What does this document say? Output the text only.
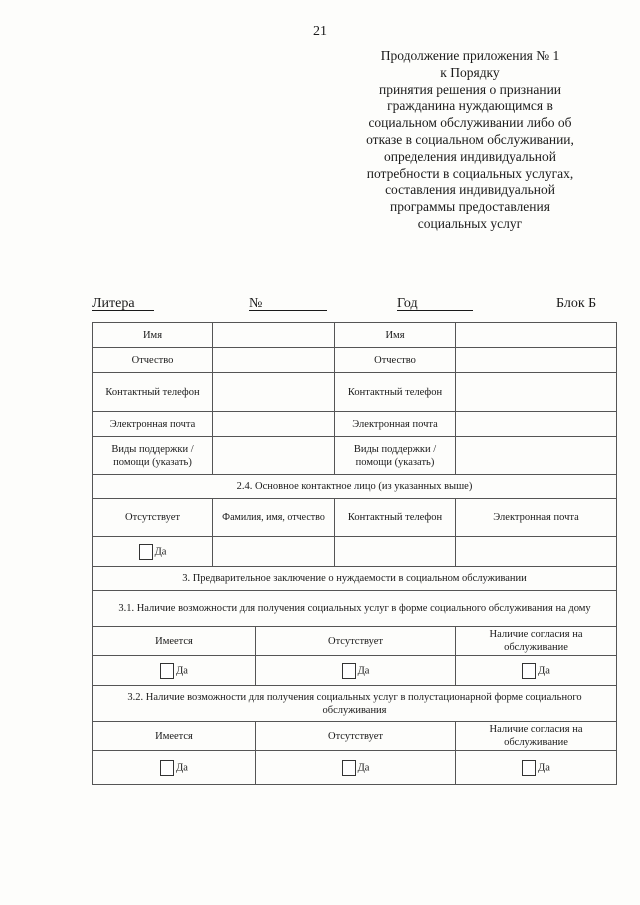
21
Продолжение приложения № 1
к Порядку
принятия решения о признании
гражданина нуждающимся в
социальном обслуживании либо об
отказе в социальном обслуживании,
определения индивидуальной
потребности в социальных услугах,
составления индивидуальной
программы предоставления
социальных услуг
Литера	№	Год	Блок Б
Имя			Имя	
Отчество			Отчество	
Контактный телефон			Контактный телефон	
Электронная почта			Электронная почта	
Виды поддержки / помощи (указать)			Виды поддержки / помощи (указать)	
2.4. Основное контактное лицо (из указанных выше)				
Отсутствует	Фамилия, имя, отчество		Контактный телефон	Электронная почта
Да				
3. Предварительное заключение о нуждаемости в социальном обслуживании				
3.1. Наличие возможности для получения социальных услуг в форме социального обслуживания на дому				
Имеется		Отсутствует		Наличие согласия на обслуживание
Да		Да		Да
3.2. Наличие возможности для получения социальных услуг в полустационарной форме социального обслуживания				
Имеется		Отсутствует		Наличие согласия на обслуживание
Да		Да		Да
